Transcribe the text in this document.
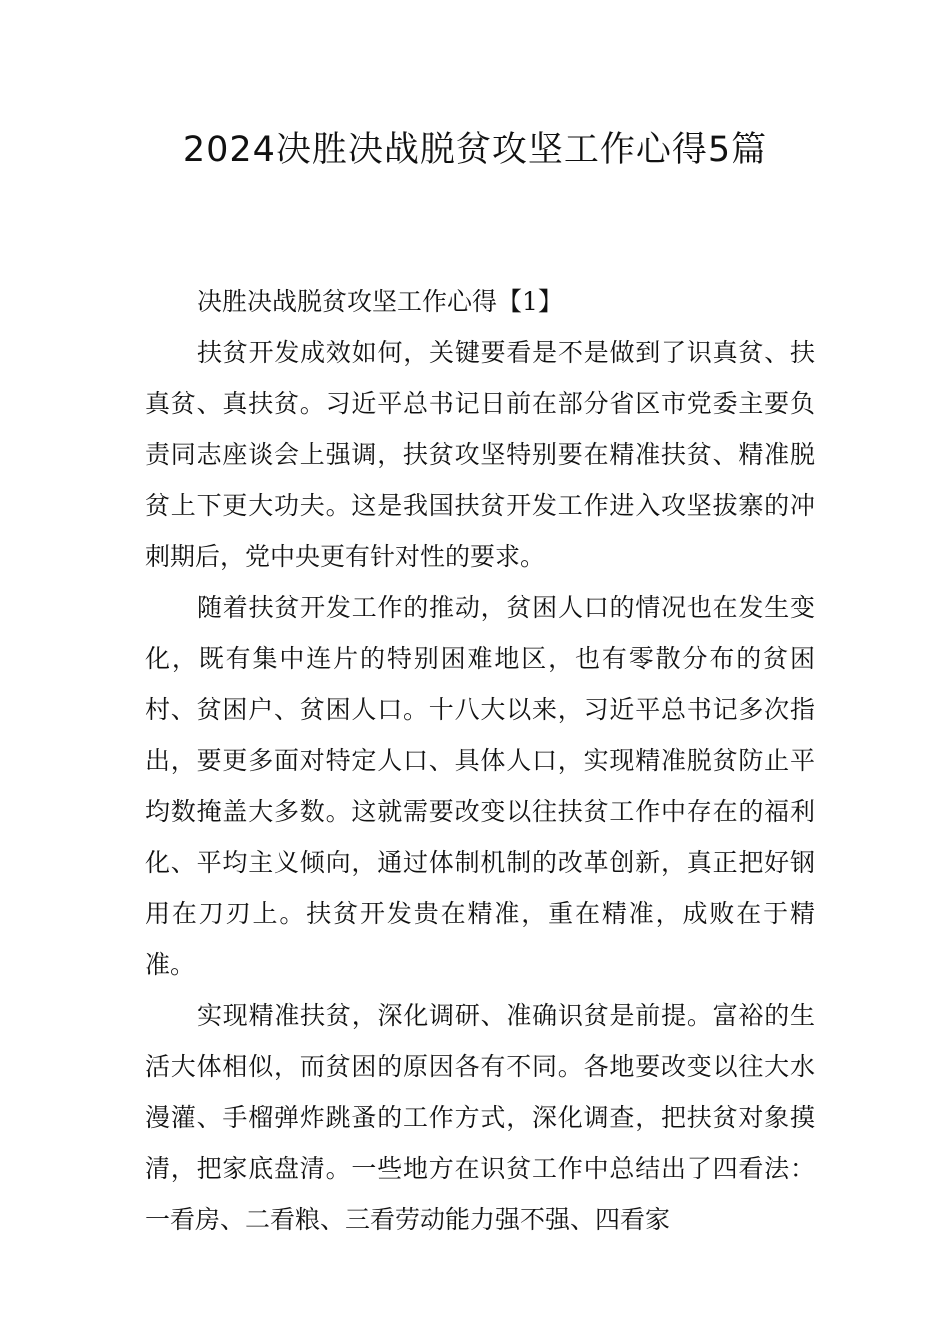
2024决胜决战脱贫攻坚工作心得5篇

决胜决战脱贫攻坚工作心得【1】

扶贫开发成效如何，关键要看是不是做到了识真贫、扶真贫、真扶贫。习近平总书记日前在部分省区市党委主要负责同志座谈会上强调，扶贫攻坚特别要在精准扶贫、精准脱贫上下更大功夫。这是我国扶贫开发工作进入攻坚拔寨的冲刺期后，党中央更有针对性的要求。

随着扶贫开发工作的推动，贫困人口的情况也在发生变化，既有集中连片的特别困难地区，也有零散分布的贫困村、贫困户、贫困人口。十八大以来，习近平总书记多次指出，要更多面对特定人口、具体人口，实现精准脱贫防止平均数掩盖大多数。这就需要改变以往扶贫工作中存在的福利化、平均主义倾向，通过体制机制的改革创新，真正把好钢用在刀刃上。扶贫开发贵在精准，重在精准，成败在于精准。

实现精准扶贫，深化调研、准确识贫是前提。富裕的生活大体相似，而贫困的原因各有不同。各地要改变以往大水漫灌、手榴弹炸跳蚤的工作方式，深化调查，把扶贫对象摸清，把家底盘清。一些地方在识贫工作中总结出了四看法：一看房、二看粮、三看劳动能力强不强、四看家
